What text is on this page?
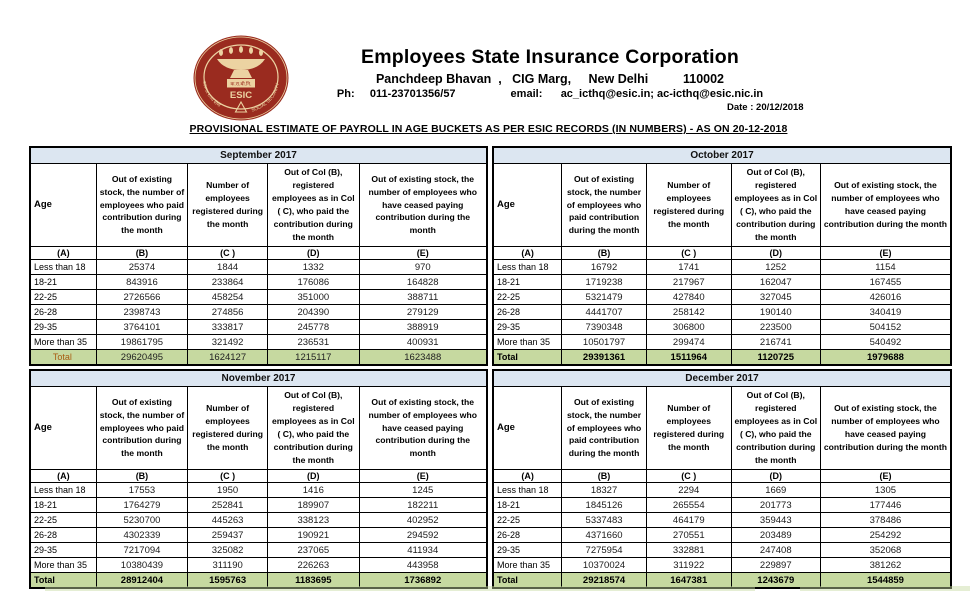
क.रा.बी.नि.
ESIC
कामगार राज्य बीमा
SOCIAL SECURITY
Employees State Insurance Corporation
Panchdeep Bhavan  ,   CIG Marg,     New Delhi          110002
Ph:     011-23701356/57                  email:      ac_icthq@esic.in; ac-icthq@esic.nic.in
Date : 20/12/2018
PROVISIONAL ESTIMATE OF PAYROLL IN AGE BUCKETS AS PER ESIC RECORDS (IN NUMBERS) - AS ON 20-12-2018
September 2017				
Age	Out of existing stock, the number of employees who paid contribution during the month	Number of employees registered during the month	Out of Col (B), registered employees as in Col ( C), who paid the contribution during the month	Out of existing stock, the number of employees who have ceased paying contribution during the month
(A)	(B)	(C )	(D)	(E)
Less than 18	25374	1844	1332	970
18-21	843916	233864	176086	164828
22-25	2726566	458254	351000	388711
26-28	2398743	274856	204390	279129
29-35	3764101	333817	245778	388919
More than 35	19861795	321492	236531	400931
Total	29620495	1624127	1215117	1623488
October 2017				
Age	Out of existing stock, the number of employees who paid contribution during the month	Number of employees registered during the month	Out of Col (B), registered employees as in Col ( C), who paid the contribution during the month	Out of existing stock, the number of employees who have ceased paying contribution during the month
(A)	(B)	(C )	(D)	(E)
Less than 18	16792	1741	1252	1154
18-21	1719238	217967	162047	167455
22-25	5321479	427840	327045	426016
26-28	4441707	258142	190140	340419
29-35	7390348	306800	223500	504152
More than 35	10501797	299474	216741	540492
Total	29391361	1511964	1120725	1979688
November 2017				
Age	Out of existing stock, the number of employees who paid contribution during the month	Number of employees registered during the month	Out of Col (B), registered employees as in Col ( C), who paid the contribution during the month	Out of existing stock, the number of employees who have ceased paying contribution during the month
(A)	(B)	(C )	(D)	(E)
Less than 18	17553	1950	1416	1245
18-21	1764279	252841	189907	182211
22-25	5230700	445263	338123	402952
26-28	4302339	259437	190921	294592
29-35	7217094	325082	237065	411934
More than 35	10380439	311190	226263	443958
Total	28912404	1595763	1183695	1736892
December 2017				
Age	Out of existing stock, the number of employees who paid contribution during the month	Number of employees registered during the month	Out of Col (B), registered employees as in Col ( C), who paid the contribution during the month	Out of existing stock, the number of employees who have ceased paying contribution during the month
(A)	(B)	(C )	(D)	(E)
Less than 18	18327	2294	1669	1305
18-21	1845126	265554	201773	177446
22-25	5337483	464179	359443	378486
26-28	4371660	270551	203489	254292
29-35	7275954	332881	247408	352068
More than 35	10370024	311922	229897	381262
Total	29218574	1647381	1243679	1544859
